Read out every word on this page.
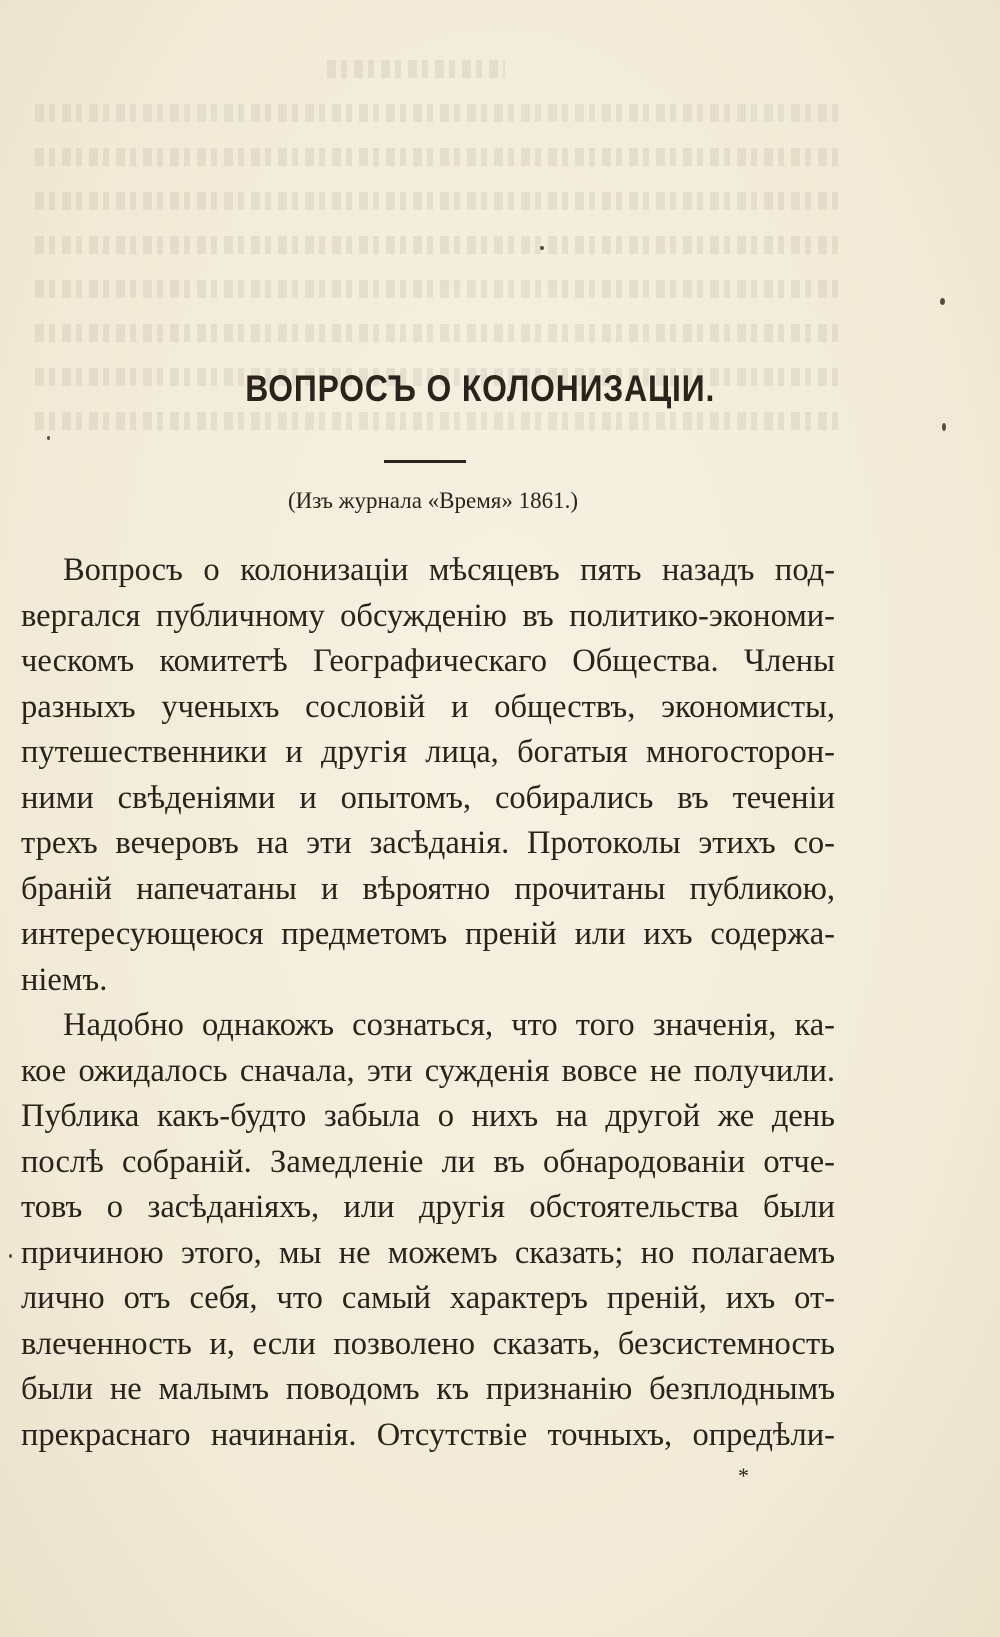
ВОПРОСЪ О КОЛОНИЗАЦІИ.
(Изъ журнала «Время» 1861.)
Вопросъ о колонизаціи мѣсяцевъ пять назадъ под-
вергался публичному обсужденію въ политико-экономи-
ческомъ комитетѣ Географическаго Общества. Члены
разныхъ ученыхъ сословій и обществъ, экономисты,
путешественники и другія лица, богатыя многосторон-
ними свѣденіями и опытомъ, собирались въ теченіи
трехъ вечеровъ на эти засѣданія. Протоколы этихъ со-
браній напечатаны и вѣроятно прочитаны публикою,
интересующеюся предметомъ преній или ихъ содержа-
ніемъ.
Надобно однакожъ сознаться, что того значенія, ка-
кое ожидалось сначала, эти сужденія вовсе не получили.
Публика какъ-будто забыла о нихъ на другой же день
послѣ собраній. Замедленіе ли въ обнародованіи отче-
товъ о засѣданіяхъ, или другія обстоятельства были
причиною этого, мы не можемъ сказать; но полагаемъ
лично отъ себя, что самый характеръ преній, ихъ от-
влеченность и, если позволено сказать, безсистемность
были не малымъ поводомъ къ признанію безплоднымъ
прекраснаго начинанія. Отсутствіе точныхъ, опредѣли-
*
